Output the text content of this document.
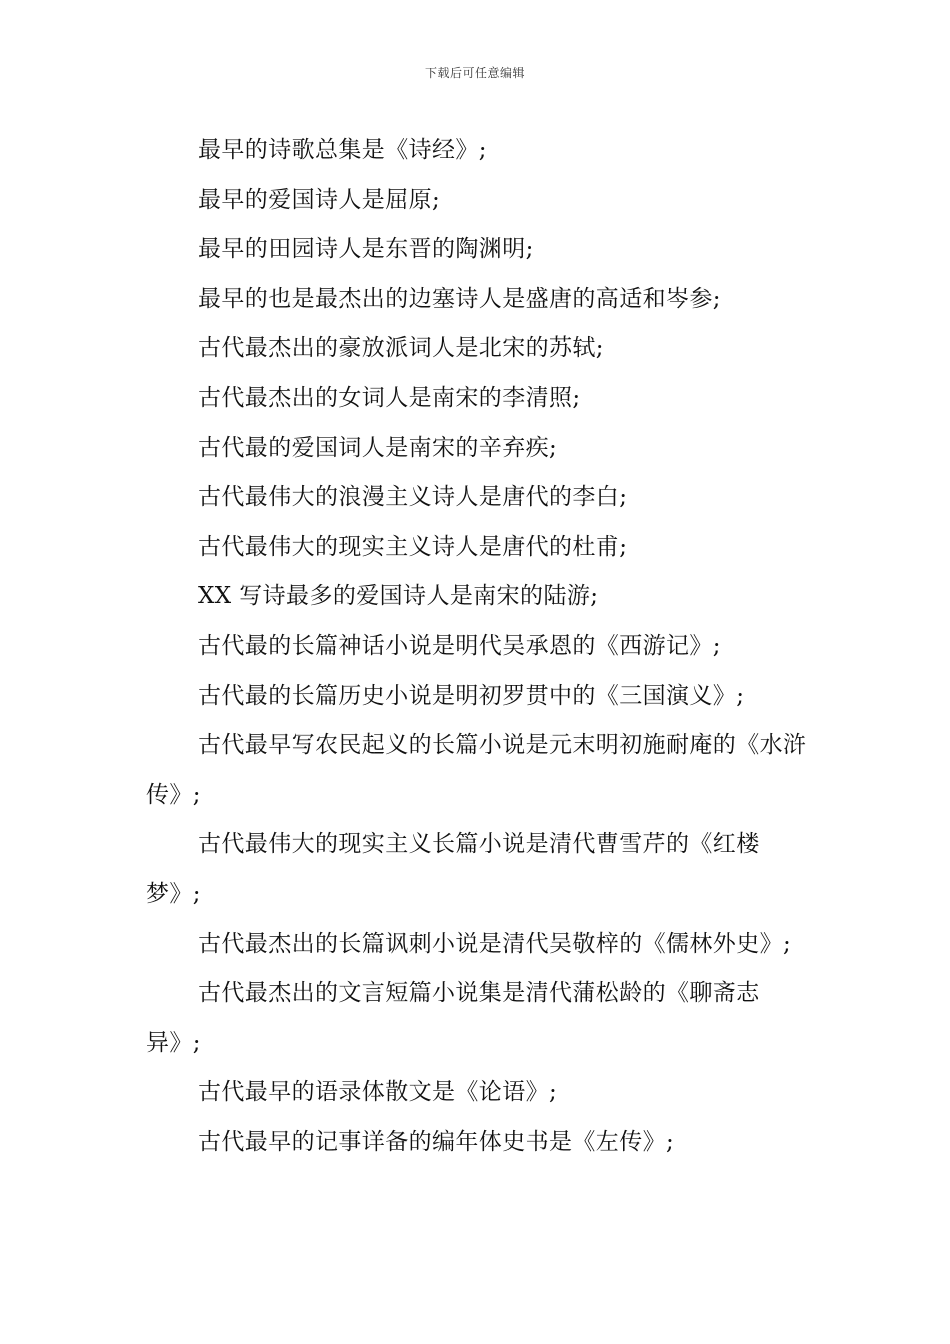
下载后可任意编辑

最早的诗歌总集是《诗经》;

最早的爱国诗人是屈原;

最早的田园诗人是东晋的陶渊明;

最早的也是最杰出的边塞诗人是盛唐的高适和岑参;

古代最杰出的豪放派词人是北宋的苏轼;

古代最杰出的女词人是南宋的李清照;

古代最的爱国词人是南宋的辛弃疾;

古代最伟大的浪漫主义诗人是唐代的李白;

古代最伟大的现实主义诗人是唐代的杜甫;

XX 写诗最多的爱国诗人是南宋的陆游;

古代最的长篇神话小说是明代吴承恩的《西游记》;

古代最的长篇历史小说是明初罗贯中的《三国演义》;

古代最早写农民起义的长篇小说是元末明初施耐庵的《水浒传》;

古代最伟大的现实主义长篇小说是清代曹雪芹的《红楼梦》;

古代最杰出的长篇讽刺小说是清代吴敬梓的《儒林外史》;

古代最杰出的文言短篇小说集是清代蒲松龄的《聊斋志异》;

古代最早的语录体散文是《论语》;

古代最早的记事详备的编年体史书是《左传》;
